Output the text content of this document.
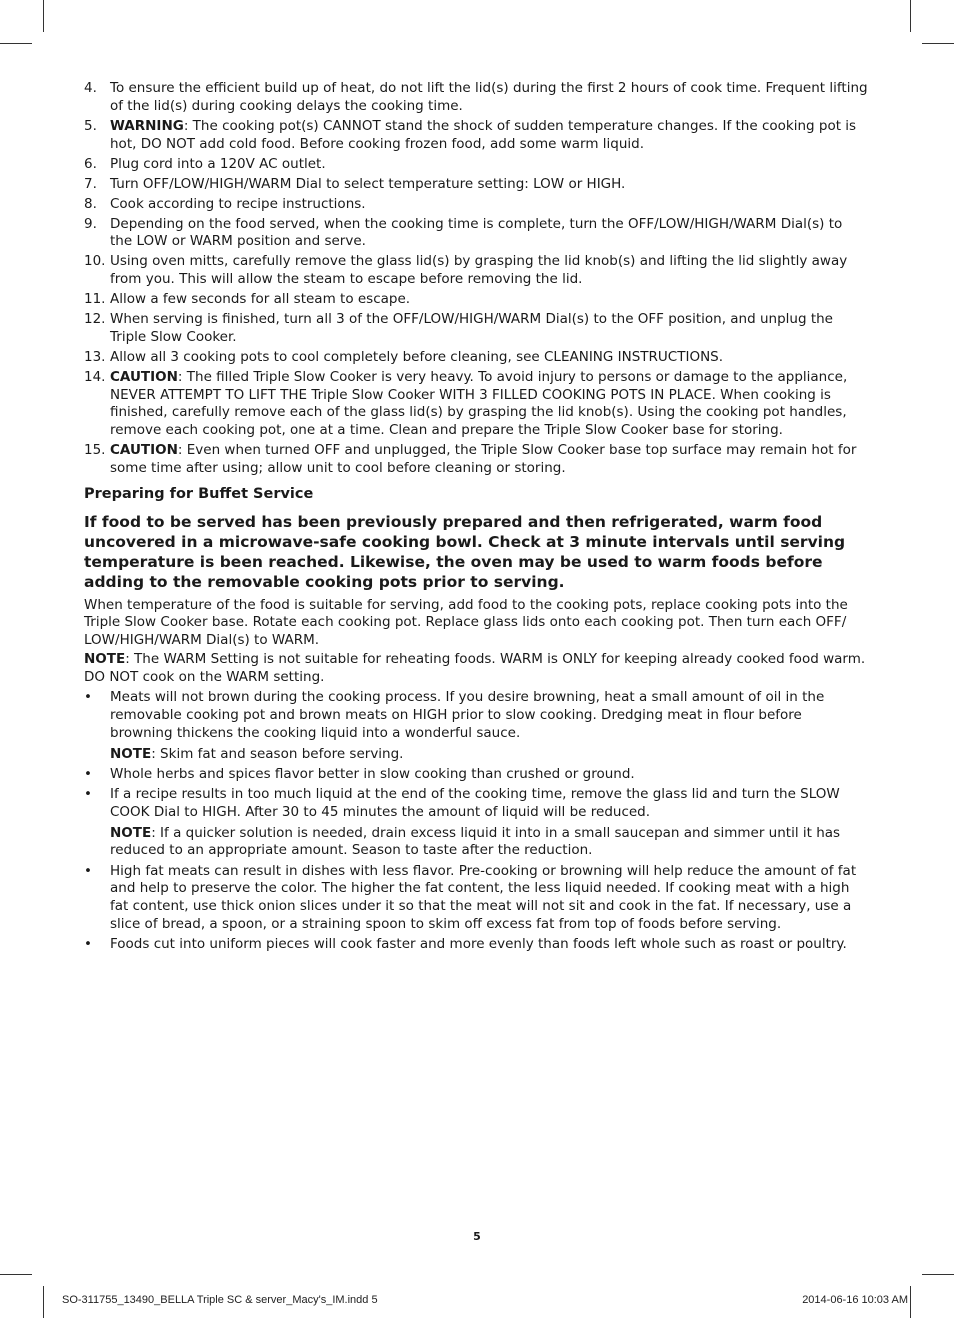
4. To ensure the efficient build up of heat, do not lift the lid(s) during the first 2 hours of cook time. Frequent lifting of the lid(s) during cooking delays the cooking time.
5. WARNING: The cooking pot(s) CANNOT stand the shock of sudden temperature changes. If the cooking pot is hot, DO NOT add cold food. Before cooking frozen food, add some warm liquid.
6. Plug cord into a 120V AC outlet.
7. Turn OFF/LOW/HIGH/WARM Dial to select temperature setting: LOW or HIGH.
8. Cook according to recipe instructions.
9. Depending on the food served, when the cooking time is complete, turn the OFF/LOW/HIGH/WARM Dial(s) to the LOW or WARM position and serve.
10. Using oven mitts, carefully remove the glass lid(s) by grasping the lid knob(s) and lifting the lid slightly away from you. This will allow the steam to escape before removing the lid.
11. Allow a few seconds for all steam to escape.
12. When serving is finished, turn all 3 of the OFF/LOW/HIGH/WARM Dial(s) to the OFF position, and unplug the Triple Slow Cooker.
13. Allow all 3 cooking pots to cool completely before cleaning, see CLEANING INSTRUCTIONS.
14. CAUTION: The filled Triple Slow Cooker is very heavy. To avoid injury to persons or damage to the appliance, NEVER ATTEMPT TO LIFT THE Triple Slow Cooker WITH 3 FILLED COOKING POTS IN PLACE. When cooking is finished, carefully remove each of the glass lid(s) by grasping the lid knob(s). Using the cooking pot handles, remove each cooking pot, one at a time. Clean and prepare the Triple Slow Cooker base for storing.
15. CAUTION: Even when turned OFF and unplugged, the Triple Slow Cooker base top surface may remain hot for some time after using; allow unit to cool before cleaning or storing.
Preparing for Buffet Service
If food to be served has been previously prepared and then refrigerated, warm food uncovered in a microwave-safe cooking bowl. Check at 3 minute intervals until serving temperature is been reached. Likewise, the oven may be used to warm foods before adding to the removable cooking pots prior to serving.
When temperature of the food is suitable for serving, add food to the cooking pots, replace cooking pots into the Triple Slow Cooker base. Rotate each cooking pot. Replace glass lids onto each cooking pot. Then turn each OFF/ LOW/HIGH/WARM Dial(s) to WARM.
NOTE: The WARM Setting is not suitable for reheating foods. WARM is ONLY for keeping already cooked food warm. DO NOT cook on the WARM setting.
• Meats will not brown during the cooking process. If you desire browning, heat a small amount of oil in the removable cooking pot and brown meats on HIGH prior to slow cooking. Dredging meat in flour before browning thickens the cooking liquid into a wonderful sauce.
NOTE: Skim fat and season before serving.
• Whole herbs and spices flavor better in slow cooking than crushed or ground.
• If a recipe results in too much liquid at the end of the cooking time, remove the glass lid and turn the SLOW COOK Dial to HIGH. After 30 to 45 minutes the amount of liquid will be reduced.
NOTE: If a quicker solution is needed, drain excess liquid it into in a small saucepan and simmer until it has reduced to an appropriate amount. Season to taste after the reduction.
• High fat meats can result in dishes with less flavor. Pre-cooking or browning will help reduce the amount of fat and help to preserve the color. The higher the fat content, the less liquid needed. If cooking meat with a high fat content, use thick onion slices under it so that the meat will not sit and cook in the fat. If necessary, use a slice of bread, a spoon, or a straining spoon to skim off excess fat from top of foods before serving.
• Foods cut into uniform pieces will cook faster and more evenly than foods left whole such as roast or poultry.
5
SO-311755_13490_BELLA Triple SC & server_Macy's_IM.indd 5	2014-06-16 10:03 AM
